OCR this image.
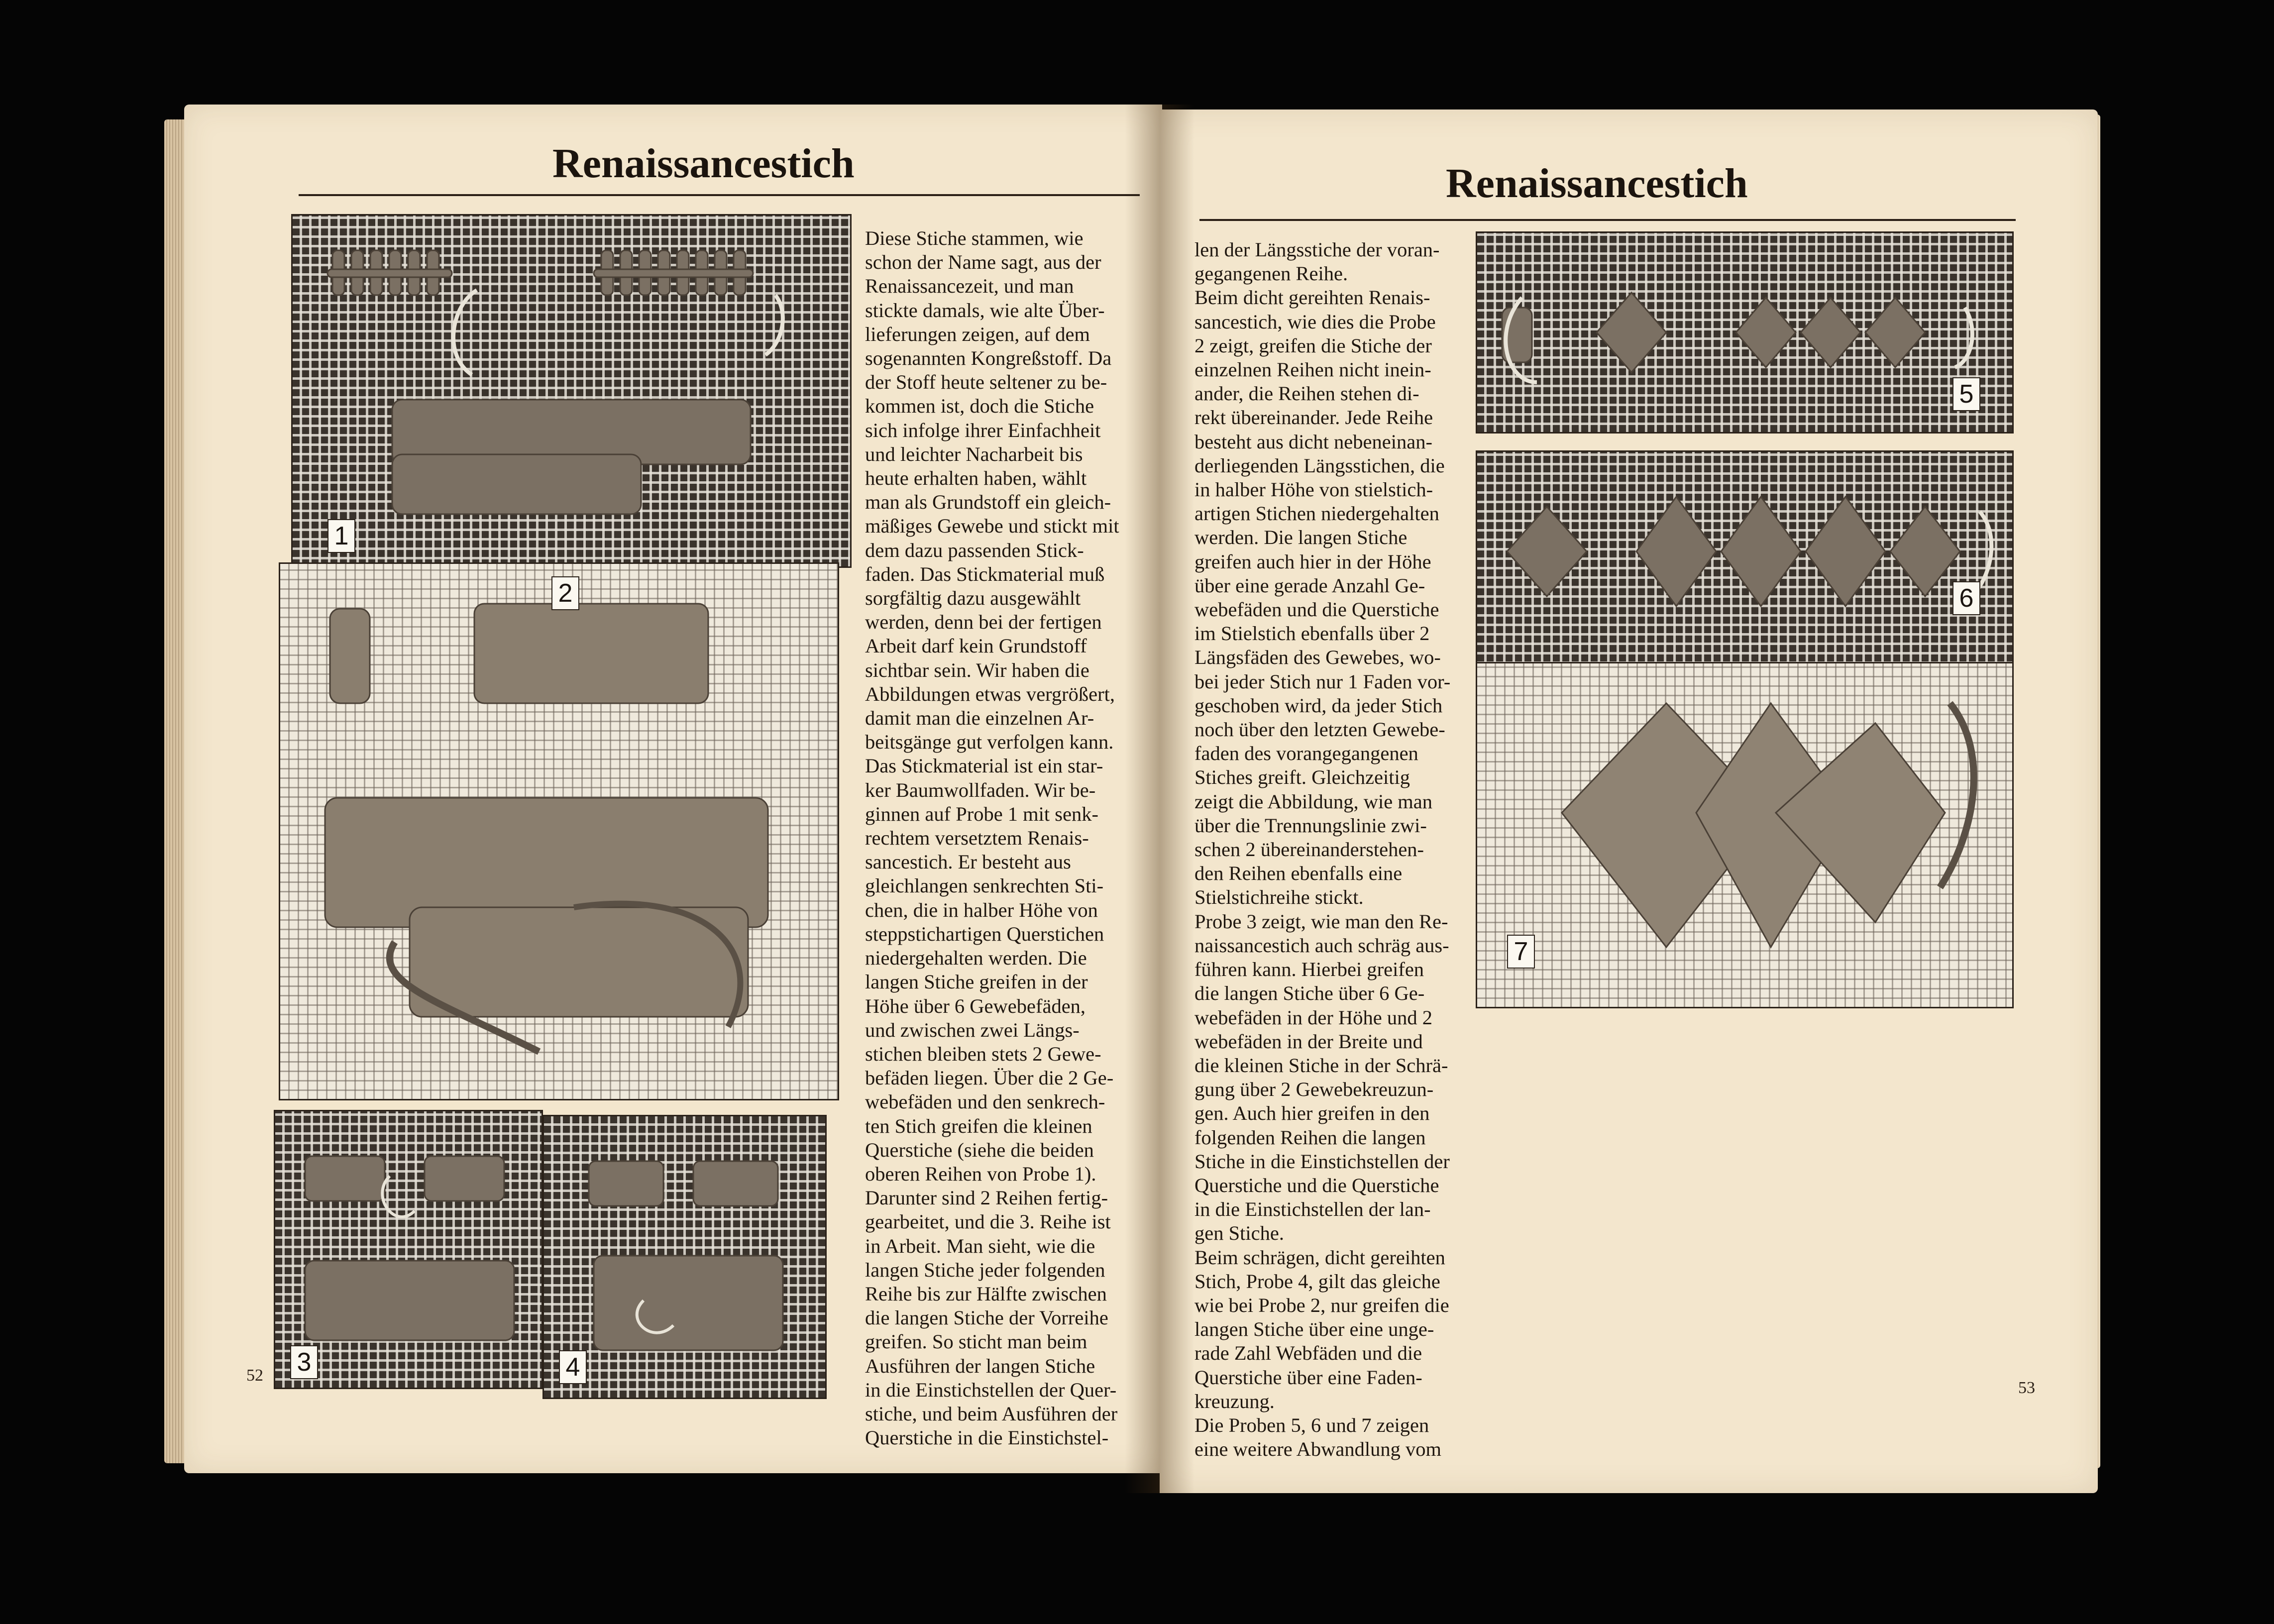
Renaissancestich	Renaissancestich
1
2
3	4
52
Diese Stiche stammen, wie
schon der Name sagt, aus der
Renaissancezeit, und man
stickte damals, wie alte Über-
lieferungen zeigen, auf dem
sogenannten Kongreßstoff. Da
der Stoff heute seltener zu be-
kommen ist, doch die Stiche
sich infolge ihrer Einfachheit
und leichter Nacharbeit bis
heute erhalten haben, wählt
man als Grundstoff ein gleich-
mäßiges Gewebe und stickt mit
dem dazu passenden Stick-
faden. Das Stickmaterial muß
sorgfältig dazu ausgewählt
werden, denn bei der fertigen
Arbeit darf kein Grundstoff
sichtbar sein. Wir haben die
Abbildungen etwas vergrößert,
damit man die einzelnen Ar-
beitsgänge gut verfolgen kann.
Das Stickmaterial ist ein star-
ker Baumwollfaden. Wir be-
ginnen auf Probe 1 mit senk-
rechtem versetztem Renais-
sancestich. Er besteht aus
gleichlangen senkrechten Sti-
chen, die in halber Höhe von
steppstichartigen Querstichen
niedergehalten werden. Die
langen Stiche greifen in der
Höhe über 6 Gewebefäden,
und zwischen zwei Längs-
stichen bleiben stets 2 Gewe-
befäden liegen. Über die 2 Ge-
webefäden und den senkrech-
ten Stich greifen die kleinen
Querstiche (siehe die beiden
oberen Reihen von Probe 1).
Darunter sind 2 Reihen fertig-
gearbeitet, und die 3. Reihe ist
in Arbeit. Man sieht, wie die
langen Stiche jeder folgenden
Reihe bis zur Hälfte zwischen
die langen Stiche der Vorreihe
greifen. So sticht man beim
Ausführen der langen Stiche
in die Einstichstellen der Quer-
stiche, und beim Ausführen der
Querstiche in die Einstichstel-
len der Längsstiche der voran-
gegangenen Reihe.
Beim dicht gereihten Renais-
sancestich, wie dies die Probe
2 zeigt, greifen die Stiche der
einzelnen Reihen nicht inein-
ander, die Reihen stehen di-
rekt übereinander. Jede Reihe
besteht aus dicht nebeneinan-
derliegenden Längsstichen, die
in halber Höhe von stielstich-
artigen Stichen niedergehalten
werden. Die langen Stiche
greifen auch hier in der Höhe
über eine gerade Anzahl Ge-
webefäden und die Querstiche
im Stielstich ebenfalls über 2
Längsfäden des Gewebes, wo-
bei jeder Stich nur 1 Faden vor-
geschoben wird, da jeder Stich
noch über den letzten Gewebe-
faden des vorangegangenen
Stiches greift. Gleichzeitig
zeigt die Abbildung, wie man
über die Trennungslinie zwi-
schen 2 übereinanderstehen-
den Reihen ebenfalls eine
Stielstichreihe stickt.
Probe 3 zeigt, wie man den Re-
naissancestich auch schräg aus-
führen kann. Hierbei greifen
die langen Stiche über 6 Ge-
webefäden in der Höhe und 2
webefäden in der Breite und
die kleinen Stiche in der Schrä-
gung über 2 Gewebekreuzun-
gen. Auch hier greifen in den
folgenden Reihen die langen
Stiche in die Einstichstellen der
Querstiche und die Querstiche
in die Einstichstellen der lan-
gen Stiche.
Beim schrägen, dicht gereihten
Stich, Probe 4, gilt das gleiche
wie bei Probe 2, nur greifen die
langen Stiche über eine unge-
rade Zahl Webfäden und die
Querstiche über eine Faden-
kreuzung.
Die Proben 5, 6 und 7 zeigen
eine weitere Abwandlung vom
5
6
7
53
